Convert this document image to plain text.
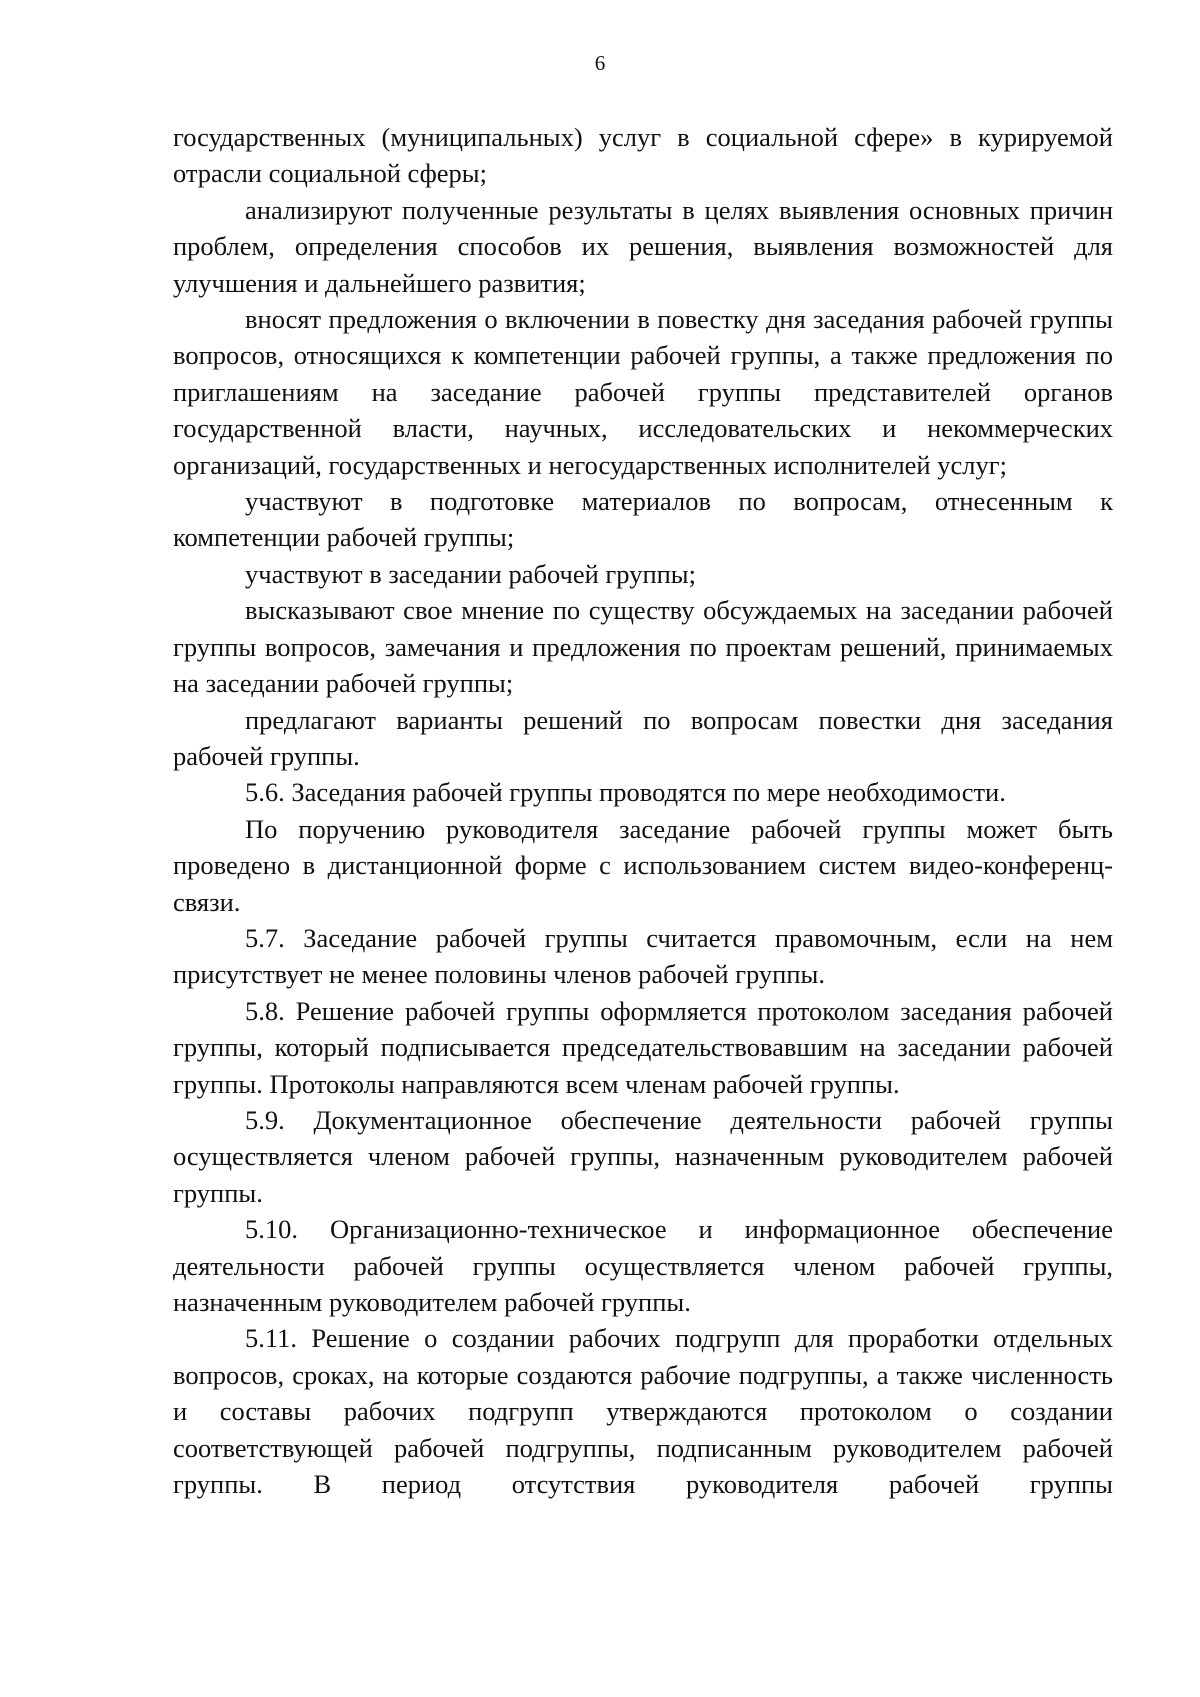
6

государственных (муниципальных) услуг в социальной сфере» в курируемой отрасли социальной сферы;

анализируют полученные результаты в целях выявления основных причин проблем, определения способов их решения, выявления возможностей для улучшения и дальнейшего развития;

вносят предложения о включении в повестку дня заседания рабочей группы вопросов, относящихся к компетенции рабочей группы, а также предложения по приглашениям на заседание рабочей группы представителей органов государственной власти, научных, исследовательских и некоммерческих организаций, государственных и негосударственных исполнителей услуг;

участвуют в подготовке материалов по вопросам, отнесенным к компетенции рабочей группы;

участвуют в заседании рабочей группы;

высказывают свое мнение по существу обсуждаемых на заседании рабочей группы вопросов, замечания и предложения по проектам решений, принимаемых на заседании рабочей группы;

предлагают варианты решений по вопросам повестки дня заседания рабочей группы.

5.6. Заседания рабочей группы проводятся по мере необходимости.

По поручению руководителя заседание рабочей группы может быть проведено в дистанционной форме с использованием систем видео-конференц-связи.

5.7. Заседание рабочей группы считается правомочным, если на нем присутствует не менее половины членов рабочей группы.

5.8. Решение рабочей группы оформляется протоколом заседания рабочей группы, который подписывается председательствовавшим на заседании рабочей группы. Протоколы направляются всем членам рабочей группы.

5.9. Документационное обеспечение деятельности рабочей группы осуществляется членом рабочей группы, назначенным руководителем рабочей группы.

5.10. Организационно-техническое и информационное обеспечение деятельности рабочей группы осуществляется членом рабочей группы, назначенным руководителем рабочей группы.

5.11. Решение о создании рабочих подгрупп для проработки отдельных вопросов, сроках, на которые создаются рабочие подгруппы, а также численность и составы рабочих подгрупп утверждаются протоколом о создании соответствующей рабочей подгруппы, подписанным руководителем рабочей группы. В период отсутствия руководителя рабочей группы
